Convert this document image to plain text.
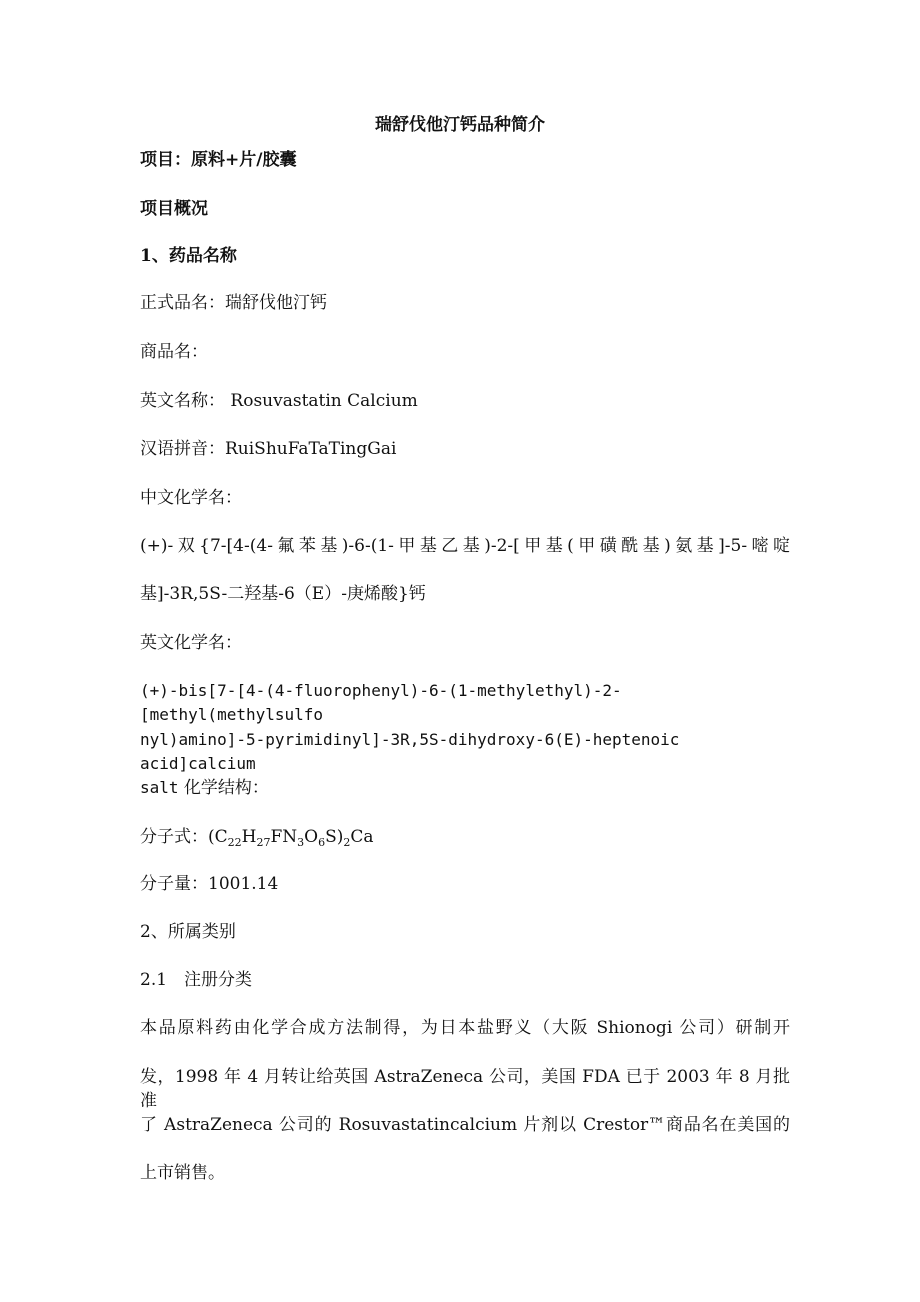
瑞舒伐他汀钙品种简介
项目：原料+片/胶囊
项目概况
1、药品名称
正式品名：瑞舒伐他汀钙
商品名：
英文名称： Rosuvastatin Calcium
汉语拼音：RuiShuFaTaTingGai
中文化学名：
(+)-双{7-[4-(4-氟苯基)-6-(1-甲基乙基)-2-[甲基(甲磺酰基)氨基]-5-嘧啶
基]-3R,5S-二羟基-6（E）-庚烯酸}钙
英文化学名：
(+)-bis[7-[4-(4-fluorophenyl)-6-(1-methylethyl)-2-[methyl(methylsulfo
nyl)amino]-5-pyrimidinyl]-3R,5S-dihydroxy-6(E)-heptenoic acid]calcium
salt 化学结构：
分子式：$(C_{22}H_{27}FN_3O_6S)_2Ca$
分子量：1001.14
2、所属类别
2.1　注册分类
本品原料药由化学合成方法制得，为日本盐野义（大阪 Shionogi 公司）研制开
发，1998 年 4 月转让给英国 AstraZeneca 公司，美国 FDA 已于 2003 年 8 月批准
了 AstraZeneca 公司的 Rosuvastatincalcium 片剂以 Crestor™商品名在美国的
上市销售。
